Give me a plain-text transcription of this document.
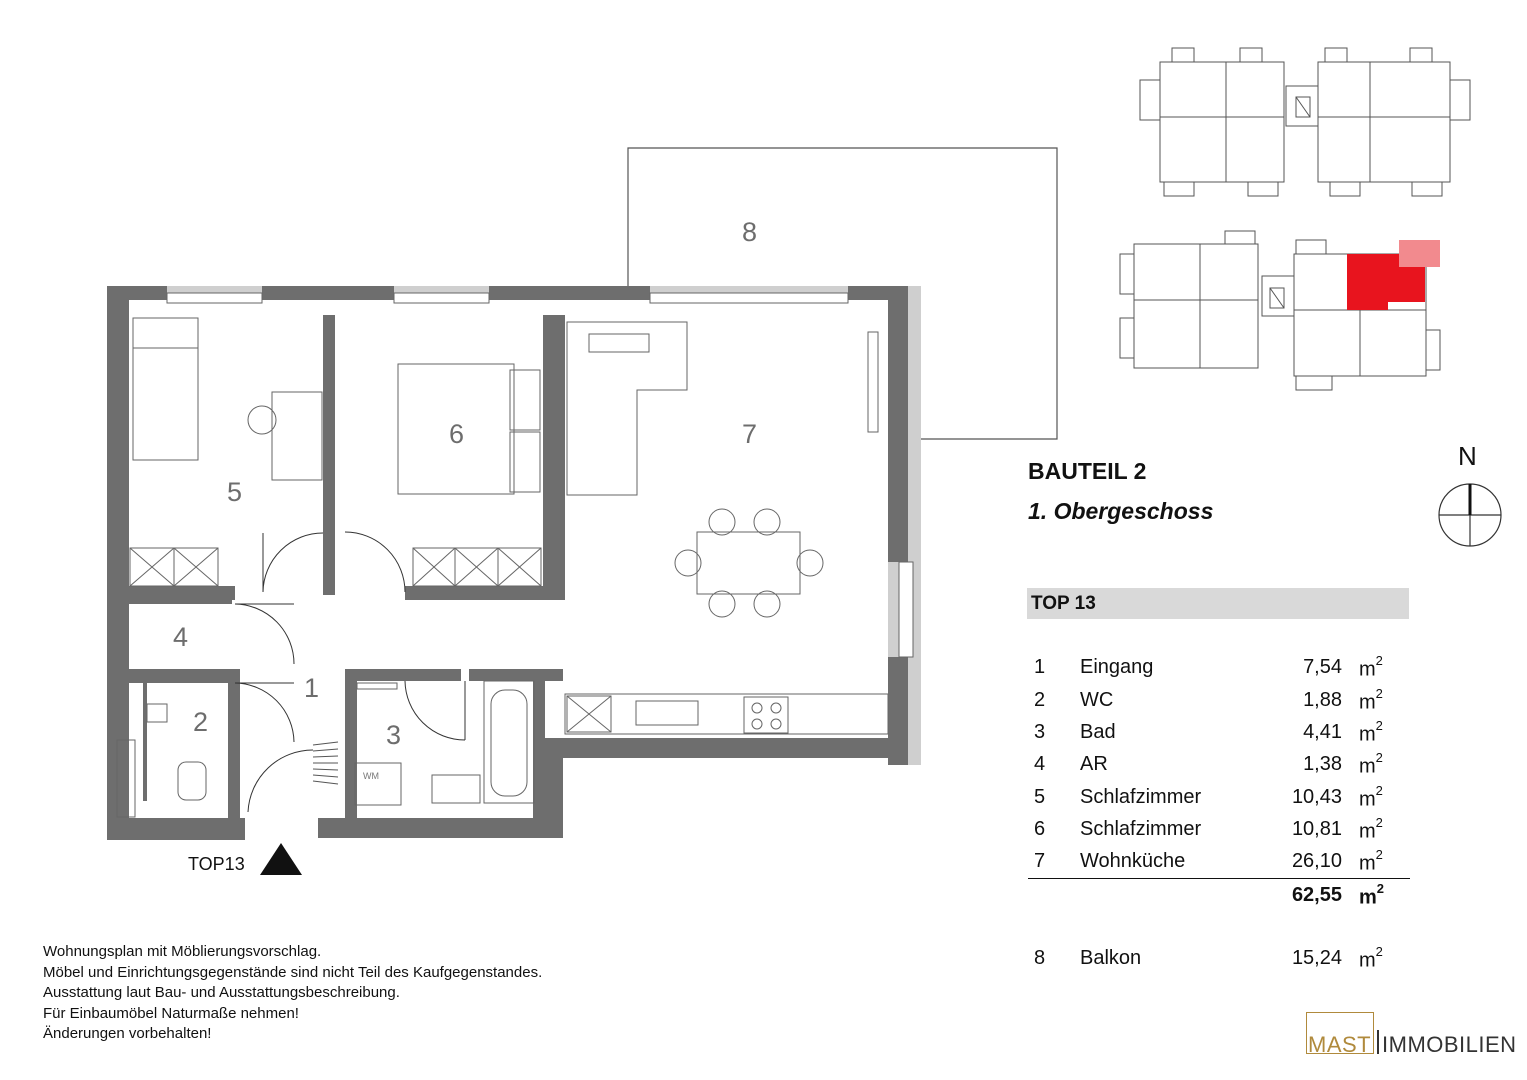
WM
1
2	3
4
5
6	7
8
TOP13
N
BAUTEIL 2
1. Obergeschoss
TOP 13
1 Eingang	7,54 $m^2$
2 WC	1,88 $m^2$
3 Bad	4,41 $m^2$
4 AR	1,38 $m^2$
5 Schlafzimmer	10,43 $m^2$
6 Schlafzimmer	10,81 $m^2$
7 Wohnküche	26,10 $m^2$
62,55 $m^2$
8 Balkon	15,24 $m^2$
Wohnungsplan mit Möblierungsvorschlag.
Möbel und Einrichtungsgegenstände sind nicht Teil des Kaufgegenstandes.
Ausstattung laut Bau- und Ausstattungsbeschreibung.
Für Einbaumöbel Naturmaße nehmen!
Änderungen vorbehalten!	MAST IMMOBILIEN
